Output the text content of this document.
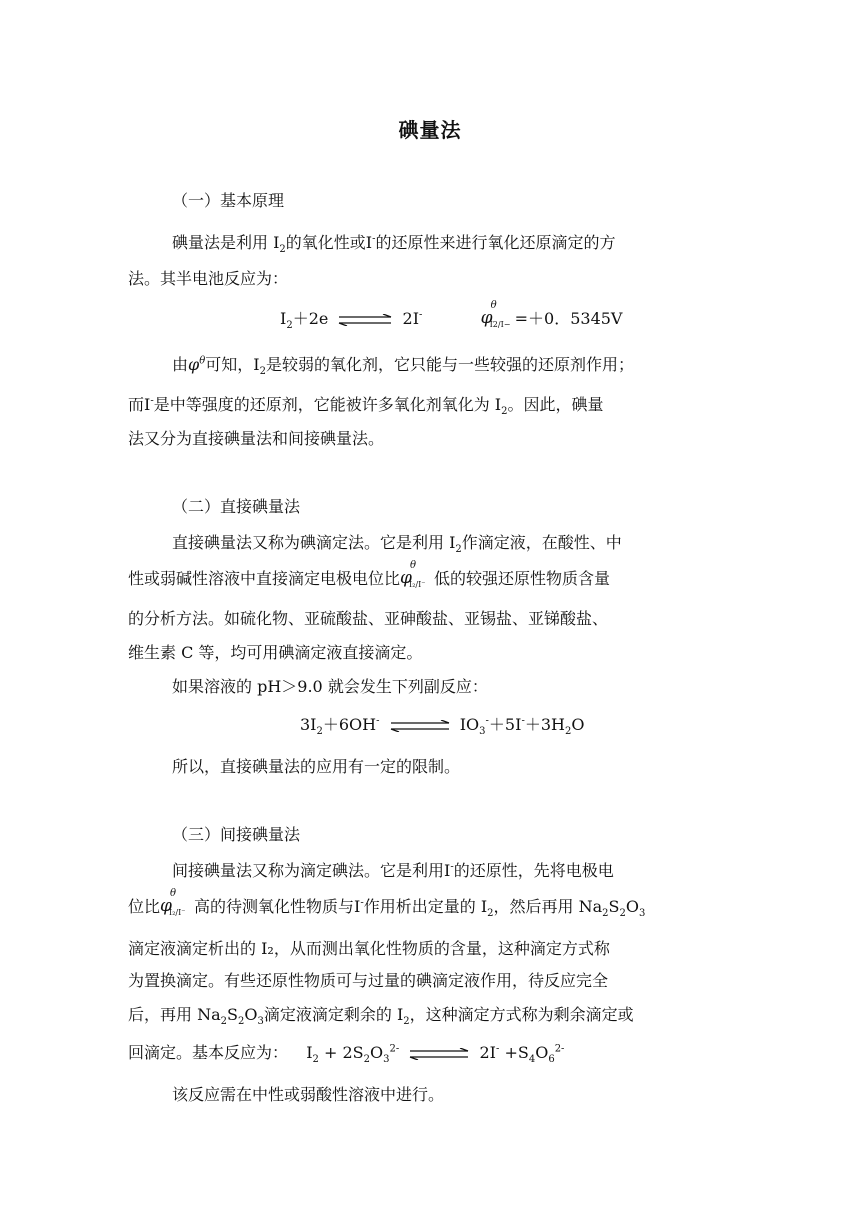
碘量法
（一）基本原理
碘量法是利用 $I_2$的氧化性或I-的还原性来进行氧化还原滴定的方
法。其半电池反应为：
$I_2+2e$ ⇌ 2I-	φ
θ
I2/I− =＋0．5345V
由$\varphi^\theta$可知，$I_2$是较弱的氧化剂，它只能与一些较强的还原剂作用；
而I-是中等强度的还原剂，它能被许多氧化剂氧化为 $I_2$。因此，碘量
法又分为直接碘量法和间接碘量法。
（二）直接碘量法
直接碘量法又称为碘滴定法。它是利用 $I_2$作滴定液，在酸性、中
性或弱碱性溶液中直接滴定电极电位比 φ
θ
I₂/I⁻ 低的较强还原性物质含量
的分析方法。如硫化物、亚硫酸盐、亚砷酸盐、亚锡盐、亚锑酸盐、
维生素 C 等，均可用碘滴定液直接滴定。
如果溶液的 pH＞9.0 就会发生下列副反应：
$3I_2+6OH^-$ ⇌ $IO_3^-+5I^-+3H_2O$
所以，直接碘量法的应用有一定的限制。
（三）间接碘量法
间接碘量法又称为滴定碘法。它是利用I-的还原性，先将电极电
位比 φ
θ
I₂/I⁻ 高的待测氧化性物质与I-作用析出定量的 $I_2$，然后再用 $Na_2S_2O_3$
滴定液滴定析出的 I₂，从而测出氧化性物质的含量，这种滴定方式称
为置换滴定。有些还原性物质可与过量的碘滴定液作用，待反应完全
后，再用 $Na_2S_2O_3$滴定液滴定剩余的 $I_2$，这种滴定方式称为剩余滴定或
回滴定。基本反应为： $I_2 + 2S_2O_3^{2-}$ ⇌ $2I^- +S_4O_6^{2-}$
该反应需在中性或弱酸性溶液中进行。
